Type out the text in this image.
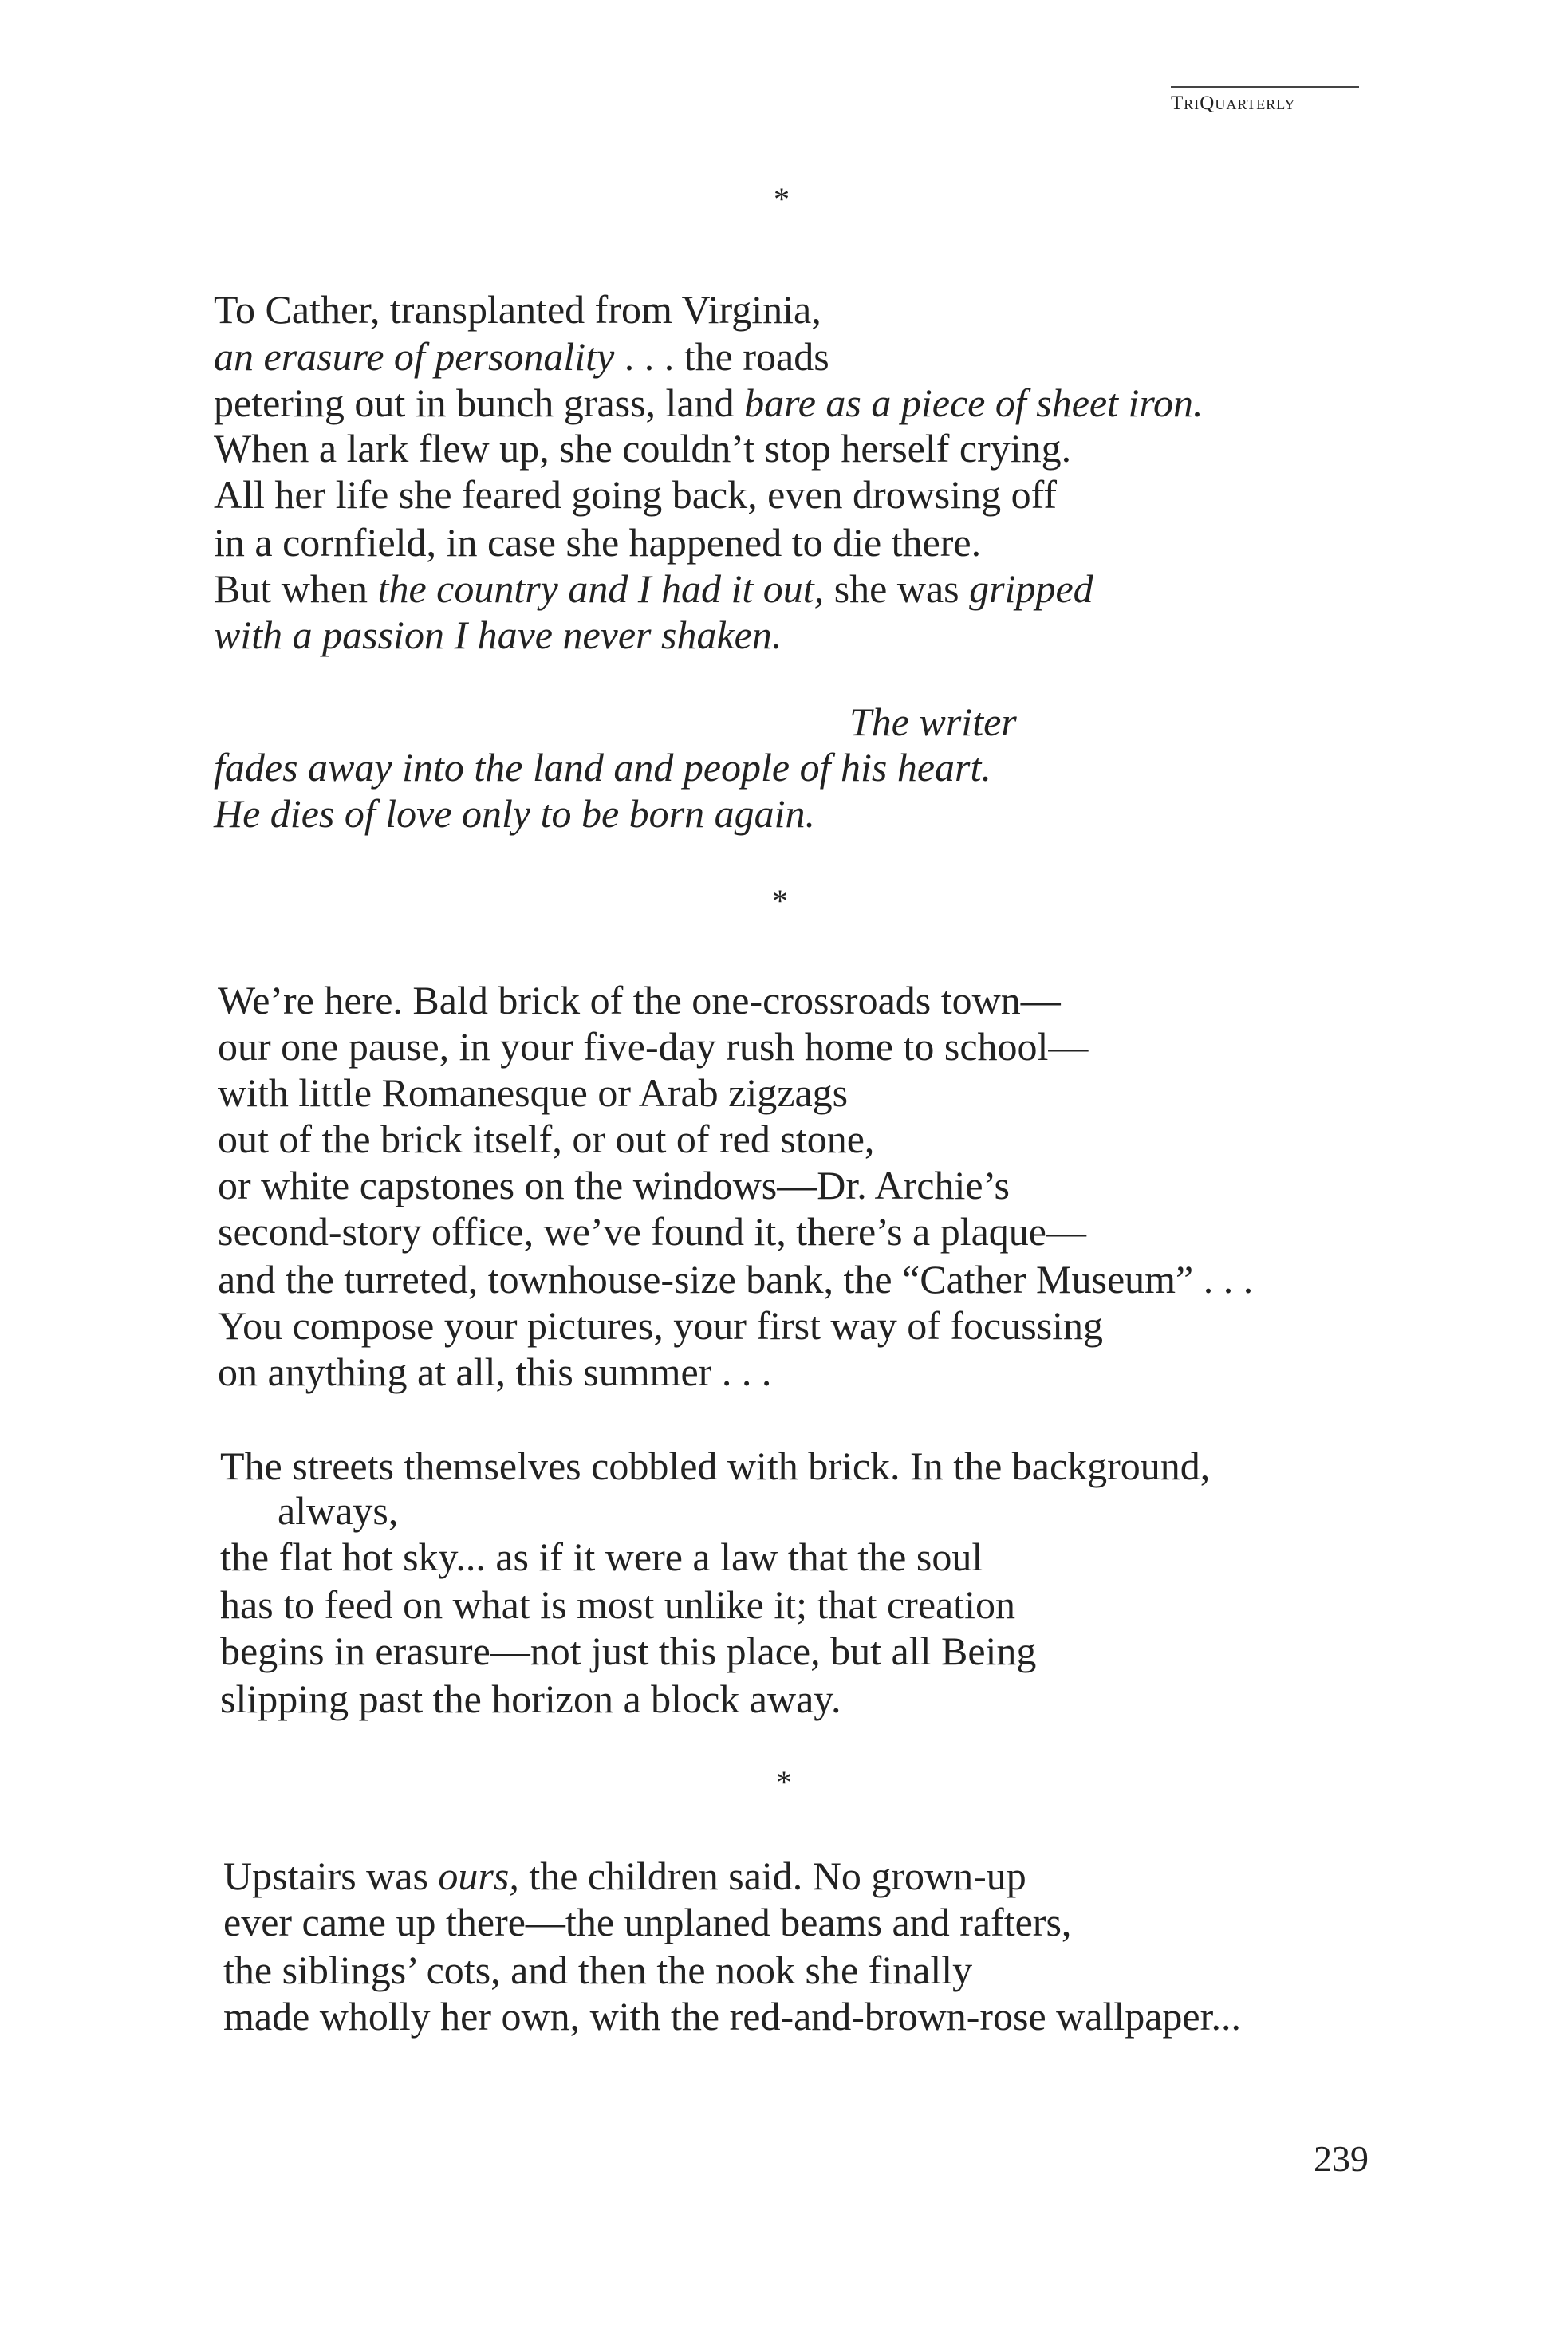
TriQuarterly
*
To Cather, transplanted from Virginia,
an erasure of personality . . . the roads
petering out in bunch grass, land bare as a piece of sheet iron.
When a lark flew up, she couldn’t stop herself crying.
All her life she feared going back, even drowsing off
in a cornfield, in case she happened to die there.
But when the country and I had it out, she was gripped
with a passion I have never shaken.
The writer
fades away into the land and people of his heart.
He dies of love only to be born again.
*
We’re here. Bald brick of the one-crossroads town—
our one pause, in your five-day rush home to school—
with little Romanesque or Arab zigzags
out of the brick itself, or out of red stone,
or white capstones on the windows—Dr. Archie’s
second-story office, we’ve found it, there’s a plaque—
and the turreted, townhouse-size bank, the “Cather Museum” . . .
You compose your pictures, your first way of focussing
on anything at all, this summer . . .
The streets themselves cobbled with brick. In the background,
always,
the flat hot sky... as if it were a law that the soul
has to feed on what is most unlike it; that creation
begins in erasure—not just this place, but all Being
slipping past the horizon a block away.
*
Upstairs was ours, the children said. No grown-up
ever came up there—the unplaned beams and rafters,
the siblings’ cots, and then the nook she finally
made wholly her own, with the red-and-brown-rose wallpaper...
239
